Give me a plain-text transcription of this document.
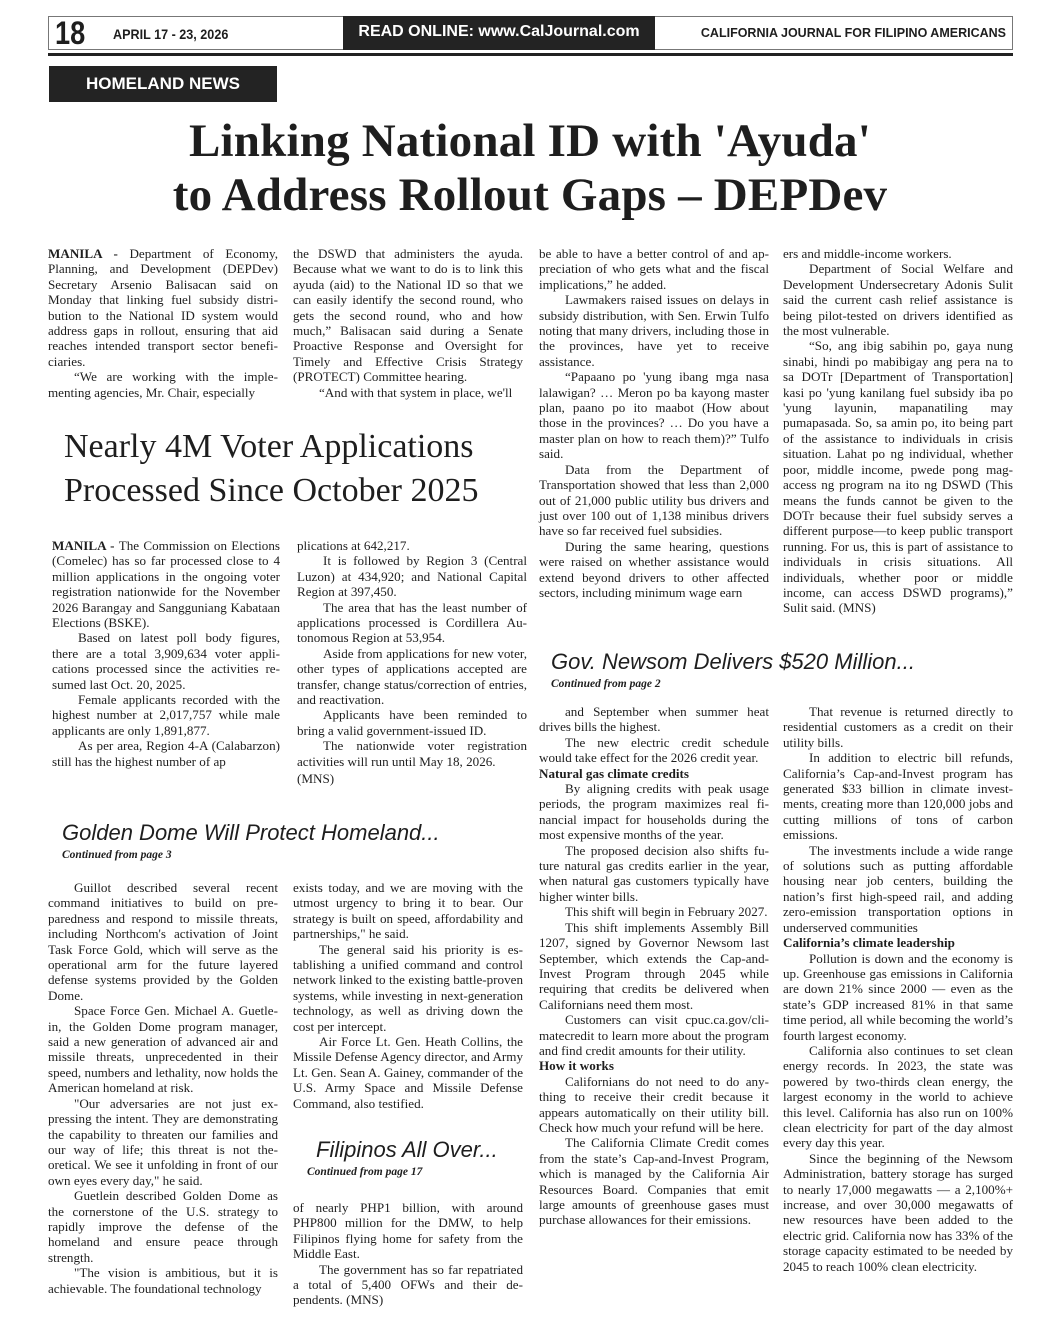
18 APRIL 17 - 23, 2026	READ ONLINE: www.CalJournal.com	CALIFORNIA JOURNAL FOR FILIPINO AMERICANS
HOMELAND NEWS
Linking National ID with 'Ayuda'
to Address Rollout Gaps – DEPDev

MANILA - Department of Economy, Planning, and Development (DEPDev) Secretary Arsenio Balisacan said on Monday that linking fuel subsidy distribution to the National ID system would address gaps in rollout, ensuring that aid reaches intended transport sector beneficiaries.

“We are working with the implementing agencies, Mr. Chair, especially

the DSWD that administers the ayuda. Because what we want to do is to link this ayuda (aid) to the National ID so that we can easily identify the second round, who gets the second round, who and how much,” Balisacan said during a Senate Proactive Response and Oversight for Timely and Effective Crisis Strategy (PROTECT) Committee hearing.

“And with that system in place, we'll

be able to have a better control of and appreciation of who gets what and the fiscal implications,” he added.

Lawmakers raised issues on delays in subsidy distribution, with Sen. Erwin Tulfo noting that many drivers, including those in the provinces, have yet to receive assistance.

“Papaano po 'yung ibang mga nasa lalawigan? … Meron po ba kayong master plan, paano po ito maabot (How about those in the provinces? … Do you have a master plan on how to reach them)?” Tulfo said.

Data from the Department of Transportation showed that less than 2,000 out of 21,000 public utility bus drivers and just over 100 out of 1,138 minibus drivers have so far received fuel subsidies.

During the same hearing, questions were raised on whether assistance would extend beyond drivers to other affected sectors, including minimum wage earn

ers and middle-income workers.

Department of Social Welfare and Development Undersecretary Adonis Sulit said the current cash relief assistance is being pilot-tested on drivers identified as the most vulnerable.

“So, ang ibig sabihin po, gaya nung sinabi, hindi po mabibigay ang pera na to sa DOTr [Department of Transportation] kasi po 'yung kanilang fuel subsidy iba po 'yung layunin, mapanatiling may pumapasada. So, sa amin po, ito being part of the assistance to individuals in crisis situation. Lahat po ng individual, whether poor, middle income, pwede pong mag-access ng program na ito ng DSWD (This means the funds cannot be given to the DOTr because their fuel subsidy serves a different purpose—to keep public transport running. For us, this is part of assistance to individuals in crisis situations. All individuals, whether poor or middle income, can access DSWD programs),” Sulit said. (MNS)

Nearly 4M Voter Applications
Processed Since October 2025

MANILA - The Commission on Elections (Comelec) has so far processed close to 4 million applications in the ongoing voter registration nationwide for the November 2026 Barangay and Sangguniang Kabataan Elections (BSKE).

Based on latest poll body figures, there are a total 3,909,634 voter applications processed since the activities resumed last Oct. 20, 2025.

Female applicants recorded with the highest number at 2,017,757 while male applicants are only 1,891,877.

As per area, Region 4-A (Calabarzon) still has the highest number of ap

plications at 642,217.

It is followed by Region 3 (Central Luzon) at 434,920; and National Capital Region at 397,450.

The area that has the least number of applications processed is Cordillera Autonomous Region at 53,954.

Aside from applications for new voter, other types of applications accepted are transfer, change status/correction of entries, and reactivation.

Applicants have been reminded to bring a valid government-issued ID.

The nationwide voter registration activities will run until May 18, 2026.

(MNS)

Golden Dome Will Protect Homeland...
Continued from page 3

Guillot described several recent command initiatives to build on preparedness and respond to missile threats, including Northcom's activation of Joint Task Force Gold, which will serve as the operational arm for the future layered defense systems provided by the Golden Dome.

Space Force Gen. Michael A. Guetlein, the Golden Dome program manager, said a new generation of advanced air and missile threats, unprecedented in their speed, numbers and lethality, now holds the American homeland at risk.

"Our adversaries are not just expressing the intent. They are demonstrating the capability to threaten our families and our way of life; this threat is not theoretical. We see it unfolding in front of our own eyes every day," he said.

Guetlein described Golden Dome as the cornerstone of the U.S. strategy to rapidly improve the defense of the homeland and ensure peace through strength.

"The vision is ambitious, but it is achievable. The foundational technology

exists today, and we are moving with the utmost urgency to bring it to bear. Our strategy is built on speed, affordability and partnerships," he said.

The general said his priority is establishing a unified command and control network linked to the existing battle-proven systems, while investing in next-generation technology, as well as driving down the cost per intercept.

Air Force Lt. Gen. Heath Collins, the Missile Defense Agency director, and Army Lt. Gen. Sean A. Gainey, commander of the U.S. Army Space and Missile Defense Command, also testified.

Filipinos All Over...
Continued from page 17

of nearly PHP1 billion, with around PHP800 million for the DMW, to help Filipinos flying home for safety from the Middle East.

The government has so far repatriated a total of 5,400 OFWs and their dependents. (MNS)

Gov. Newsom Delivers $520 Million...
Continued from page 2

and September when summer heat drives bills the highest.

The new electric credit schedule would take effect for the 2026 credit year.

Natural gas climate credits

By aligning credits with peak usage periods, the program maximizes real financial impact for households during the most expensive months of the year.

The proposed decision also shifts future natural gas credits earlier in the year, when natural gas customers typically have higher winter bills.

This shift will begin in February 2027.

This shift implements Assembly Bill 1207, signed by Governor Newsom last September, which extends the Cap-and-Invest Program through 2045 while requiring that credits be delivered when Californians need them most.

Customers can visit cpuc.ca.gov/climatecredit to learn more about the program and find credit amounts for their utility.

How it works

Californians do not need to do anything to receive their credit because it appears automatically on their utility bill. Check how much your refund will be here.

The California Climate Credit comes from the state’s Cap-and-Invest Program, which is managed by the California Air Resources Board. Companies that emit large amounts of greenhouse gases must purchase allowances for their emissions.

That revenue is returned directly to residential customers as a credit on their utility bills.

In addition to electric bill refunds, California’s Cap-and-Invest program has generated $33 billion in climate investments, creating more than 120,000 jobs and cutting millions of tons of carbon emissions.

The investments include a wide range of solutions such as putting affordable housing near job centers, building the nation’s first high-speed rail, and adding zero-emission transportation options in underserved communities

California’s climate leadership

Pollution is down and the economy is up. Greenhouse gas emissions in California are down 21% since 2000 — even as the state’s GDP increased 81% in that same time period, all while becoming the world’s fourth largest economy.

California also continues to set clean energy records. In 2023, the state was powered by two-thirds clean energy, the largest economy in the world to achieve this level. California has also run on 100% clean electricity for part of the day almost every day this year.

Since the beginning of the Newsom Administration, battery storage has surged to nearly 17,000 megawatts — a 2,100%+ increase, and over 30,000 megawatts of new resources have been added to the electric grid. California now has 33% of the storage capacity estimated to be needed by 2045 to reach 100% clean electricity.
